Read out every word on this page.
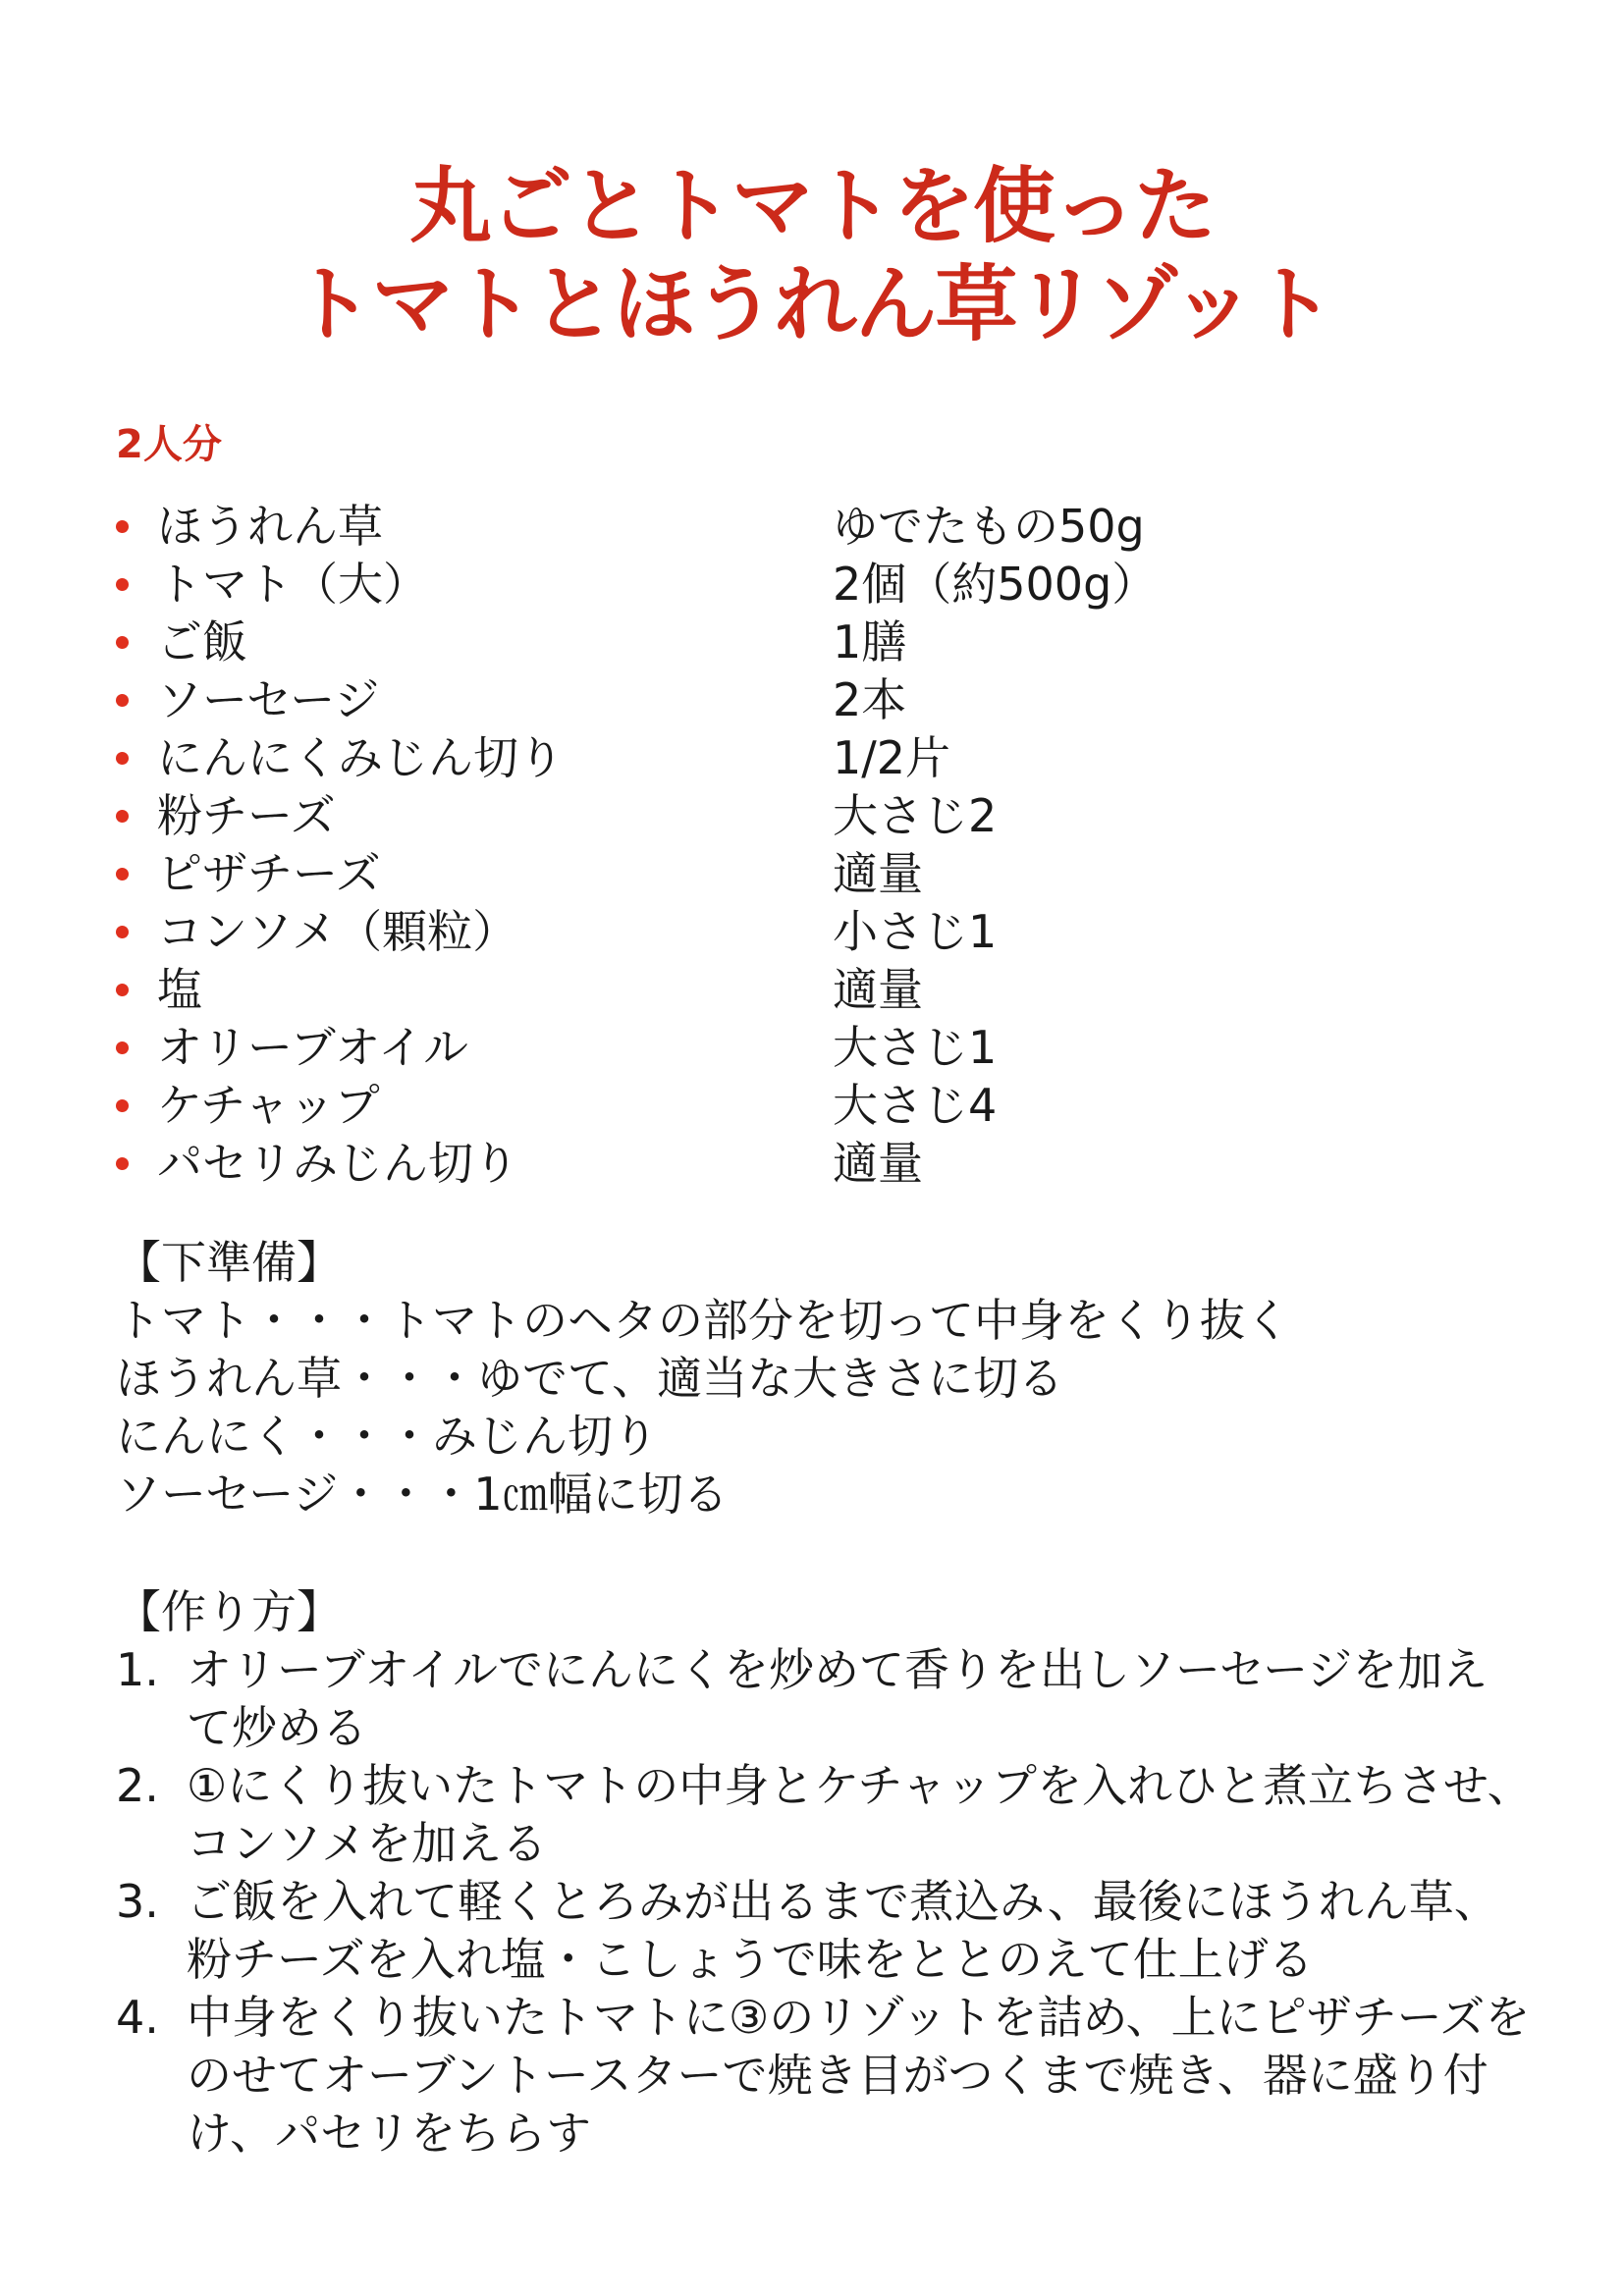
丸ごとトマトを使った
トマトとほうれん草リゾット
2人分
ほうれん草	ゆでたもの50g
トマト（大）	2個（約500g）
ご飯	1膳
ソーセージ	2本
にんにくみじん切り	1/2片
粉チーズ	大さじ2
ピザチーズ	適量
コンソメ（顆粒）	小さじ1
塩	適量
オリーブオイル	大さじ1
ケチャップ	大さじ4
パセリみじん切り	適量
【下準備】
トマト・・・トマトのヘタの部分を切って中身をくり抜く
ほうれん草・・・ゆでて、適当な大きさに切る
にんにく・・・みじん切り
ソーセージ・・・1㎝幅に切る
【作り方】
1. オリーブオイルでにんにくを炒めて香りを出しソーセージを加え
て炒める
2. ①にくり抜いたトマトの中身とケチャップを入れひと煮立ちさせ、
コンソメを加える
3. ご飯を入れて軽くとろみが出るまで煮込み、最後にほうれん草、
粉チーズを入れ塩・こしょうで味をととのえて仕上げる
4. 中身をくり抜いたトマトに③のリゾットを詰め、上にピザチーズを
のせてオーブントースターで焼き目がつくまで焼き、器に盛り付
け、パセリをちらす
